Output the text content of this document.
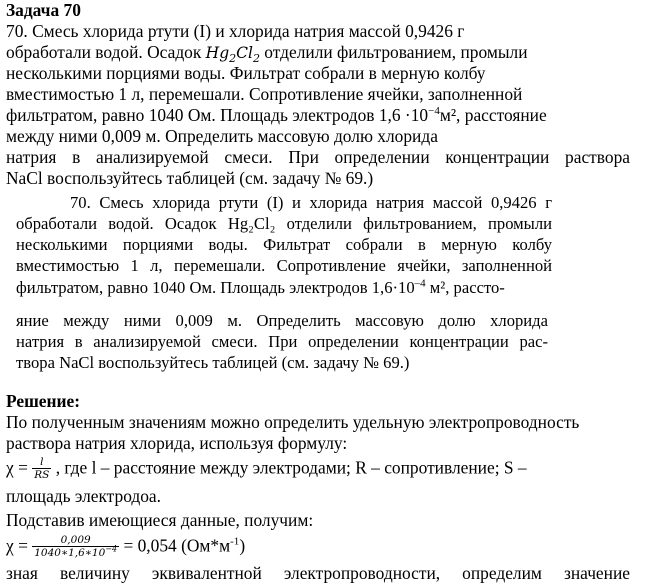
Задача 70
70. Смесь хлорида ртути (I) и хлорида натрия массой 0,9426 г
обработали водой. Осадок $Hg_2Cl_2$ отделили фильтрованием, промыли
несколькими порциями воды. Фильтрат собрали в мерную колбу
вместимостью 1 л, перемешали. Сопротивление ячейки, заполненной
фильтратом, равно 1040 Ом. Площадь электродов $1,6 \cdot 10^{-4}м^2$, расстояние
между ними 0,009 м. Определить массовую долю хлорида
натрия в анализируемой смеси. При определении концентрации раствора
NaCl воспользуйтесь таблицей (см. задачу № 69.)
70. Смесь хлорида ртути (I) и хлорида натрия массой 0,9426 г
обработали водой. Осадок Hg₂Cl₂ отделили фильтрованием, промыли
несколькими порциями воды. Фильтрат собрали в мерную колбу
вместимостью 1 л, перемешали. Сопротивление ячейки, заполненной
фильтратом, равно 1040 Ом. Площадь электродов $1,6\cdot 10^{-4}$ м², рассто-
яние между ними 0,009 м. Определить массовую долю хлорида
натрия в анализируемой смеси. При определении концентрации рас-
твора NaCl воспользуйтесь таблицей (см. задачу № 69.)
Решение:
По полученным значениям можно определить удельную электропроводность
раствора натрия хлорида, используя формулу:
$\chi = \frac{l}{RS}$ , где l – расстояние между электродами; R – сопротивление; S –
площадь электродоа.
Подставив имеющиеся данные, получим:
$\chi = \frac{0,009}{1040∗1,6∗10^{-4}} = 0,054$ $(Ом*м^{-1})$
зная величину эквивалентной электропроводности, определим значение
